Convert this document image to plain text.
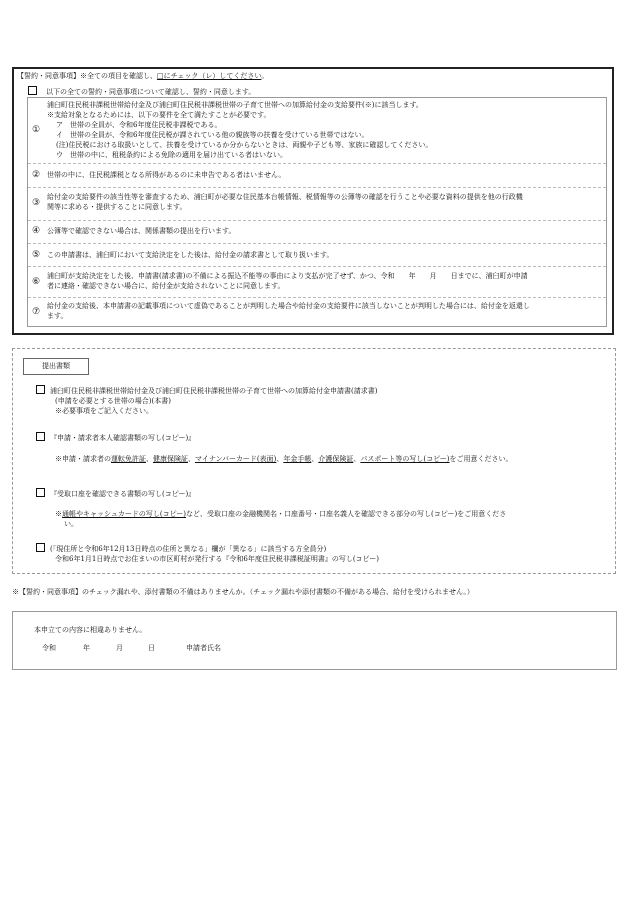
【誓約・同意事項】※全ての項目を確認し、□にチェック（レ）してください。
以下の全ての誓約・同意事項について確認し、誓約・同意します。
①
浦臼町住民税非課税世帯給付金及び浦臼町住民税非課税世帯の子育て世帯への加算給付金の支給要件(※)に該当します。
※支給対象となるためには、以下の要件を全て満たすことが必要です。
ア　世帯の全員が、令和6年度住民税非課税である。
イ　世帯の全員が、令和6年度住民税が課されている他の親族等の扶養を受けている世帯ではない。
(注)住民税における取扱いとして、扶養を受けているか分からないときは、両親や子ども等、家族に確認してください。
ウ　世帯の中に、租税条約による免除の適用を届け出ている者はいない。
② 世帯の中に、住民税課税となる所得があるのに未申告である者はいません。
③
給付金の支給要件の該当性等を審査するため、浦臼町が必要な住民基本台帳情報、税情報等の公簿等の確認を行うことや必要な資料の提供を他の行政機
関等に求める・提供することに同意します。
④ 公簿等で確認できない場合は、関係書類の提出を行います。
⑤ この申請書は、浦臼町において支給決定をした後は、給付金の請求書として取り扱います。
⑥
浦臼町が支給決定をした後、申請書(請求書)の不備による振込不能等の事由により支払が完了せず、かつ、令和　　年　　月　　日までに、浦臼町が申請
者に連絡・確認できない場合に、給付金が支給されないことに同意します。
⑦
給付金の支給後、本申請書の記載事項について虚偽であることが判明した場合や給付金の支給要件に該当しないことが判明した場合には、給付金を返還し
ます。
提出書類
浦臼町住民税非課税世帯給付金及び浦臼町住民税非課税世帯の子育て世帯への加算給付金申請書(請求書)
(申請を必要とする世帯の場合)(本書)
※必要事項をご記入ください。
『申請・請求者本人確認書類の写し(コピー)』
※申請・請求者の運転免許証、健康保険証、マイナンバーカード(表面)、年金手帳、介護保険証、パスポート等の写し(コピー)をご用意ください。
『受取口座を確認できる書類の写し(コピー)』
※通帳やキャッシュカードの写し(コピー)など、受取口座の金融機関名・口座番号・口座名義人を確認できる部分の写し(コピー)をご用意くださ
い。
(「現住所と令和6年12月13日時点の住所と異なる」欄が「異なる」に該当する方全員分)
令和6年1月1日時点でお住まいの市区町村が発行する『令和6年度住民税非課税証明書』の写し(コピー)
※【誓約・同意事項】のチェック漏れや、添付書類の不備はありませんか。（チェック漏れや添付書類の不備がある場合、給付を受けられません。）
本申立ての内容に相違ありません。
令和	年	月	日	申請者氏名
